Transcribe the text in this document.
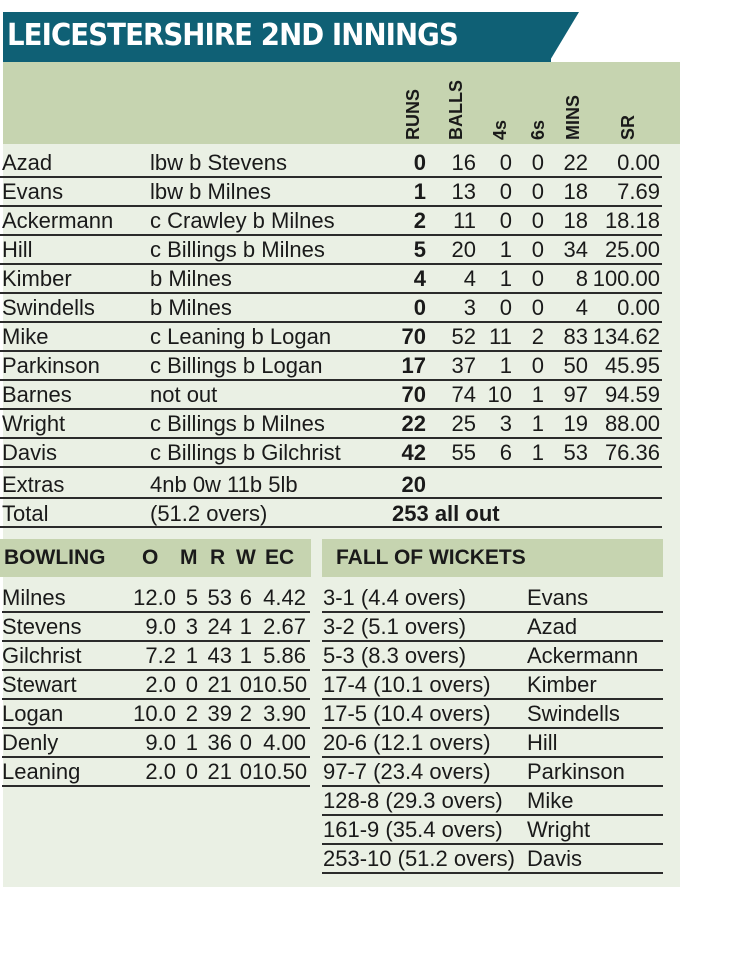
LEICESTERSHIRE 2ND INNINGS
RUNS BALLS 4s 6s MINS SR
Azad	lbw b Stevens	0	16	0 0 22	0.00
Evans	lbw b Milnes	1	13	0 0 18	7.69
Ackermann c Crawley b Milnes	2	11	0 0 18 18.18
Hill	c Billings b Milnes	5	20	1 0 34 25.00
Kimber	b Milnes	4	4	1 0	8 100.00
Swindells	b Milnes	0	3	0 0	4	0.00
Mike	c Leaning b Logan	70	52 11 2 83 134.62
Parkinson c Billings b Logan	17	37	1 0 50 45.95
Barnes	not out	70	74 10 1 97 94.59
Wright	c Billings b Milnes	22	25	3 1 19 88.00
Davis	c Billings b Gilchrist	42	55	6 1 53 76.36
Extras	4nb 0w 11b 5lb	20
Total	(51.2 overs)	253 all out
BOWLING O M R W EC
Milnes	12.0 5 53 6 4.42
Stevens	9.0 3 24 1 2.67
Gilchrist	7.2 1 43 1 5.86
Stewart	2.0 0 21 0 10.50
Logan	10.0 2 39 2 3.90
Denly	9.0 1 36 0 4.00
Leaning	2.0 0 21 0 10.50
FALL OF WICKETS
3-1 (4.4 overs)	Evans
3-2 (5.1 overs)	Azad
5-3 (8.3 overs)	Ackermann
17-4 (10.1 overs) Kimber
17-5 (10.4 overs) Swindells
20-6 (12.1 overs) Hill
97-7 (23.4 overs) Parkinson
128-8 (29.3 overs) Mike
161-9 (35.4 overs) Wright
253-10 (51.2 overs) Davis
